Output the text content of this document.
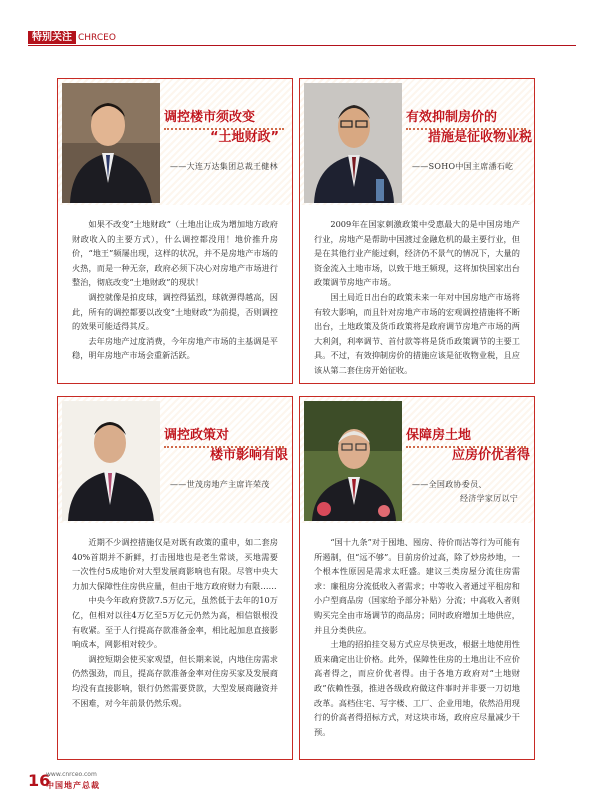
特别关注 CHRCEO
调控楼市须改变
“土地财政”
——大连万达集团总裁王健林

如果不改变“土地财政”（土地出让成为增加地方政府财政收入的主要方式），什么调控都没用！地价推升房价，“地王”频屡出现，这样的状况，并不是房地产市场的火热，而是一种无奈，政府必须下决心对房地产市场进行整治，彻底改变“土地财政”的现状！

调控就像是拍皮球，调控得猛烈，球就弹得越高，因此，所有的调控都要以改变“土地财政”为前提，否则调控的效果可能适得其反。

去年房地产过度消费，今年房地产市场的主基调是平稳，明年房地产市场会重新活跃。

有效抑制房价的
措施是征收物业税
——SOHO中国主席潘石屹

2009年在国家刺激政策中受惠最大的是中国房地产行业，房地产是帮助中国渡过金融危机的最主要行业，但是在其他行业产能过剩，经济仍不景气的情况下，大量的资金流入土地市场，以致于地王频现，这将加快国家出台政策调节房地产市场。

国土局近日出台的政策未来一年对中国房地产市场将有较大影响，而且针对房地产市场的宏观调控措施将不断出台，土地政策及货币政策将是政府调节房地产市场的两大利剑，利率调节、首付款等将是货币政策调节的主要工具。不过，有效抑制房价的措施应该是征收物业税，且应该从第二套住房开始征收。

调控政策对
楼市影响有限
——世茂房地产主席许荣茂

近期不少调控措施仅是对既有政策的重申，如二套房40%首期并不新鲜，打击囤地也是老生常谈，买地需要一次性付5成地价对大型发展商影响也有限。尽管中央大力加大保障性住房供应量，但由于地方政府财力有限……

中央今年政府贷款7.5万亿元，虽然低于去年的10万亿，但相对以往4万亿至5万亿元仍然为高，相信银根没有收紧。至于人行提高存款准备金率，相比起加息直接影响成本，网影相对较少。

调控短期会使买家观望，但长期来说，内地住房需求仍然强劲，而且，提高存款准备金率对住房买家及发展商均没有直接影响，银行仍然需要贷款，大型发展商融资并不困难，对今年前景仍然乐观。

保障房土地
应房价优者得
——全国政协委员、
经济学家厉以宁

“国十九条”对于囤地、囤房、待价而沽等行为可能有所遏制，但“远不够”。目前房价过高，除了炒房炒地，一个根本性原因是需求太旺盛。建议三类房屋分流住房需求：廉租房分流低收入者需求；中等收入者通过平租房和小户型商品房（国家给予部分补贴）分流；中高收入者则购买完全由市场调节的商品房；同时政府增加土地供应，并且分类供应。

土地的招拍挂交易方式应尽快更改，根据土地使用性质来确定出让价格。此外，保障性住房的土地出让不应价高者得之，而应价优者得。由于各地方政府对“土地财政”依赖性强，推进各级政府做这件事时并非要一刀切地改革。高档住宅、写字楼、工厂、企业用地，依然沿用现行的价高者得招标方式，对这块市场，政府应尽量减少干预。

16
www.cnrceo.com
中国地产总裁
